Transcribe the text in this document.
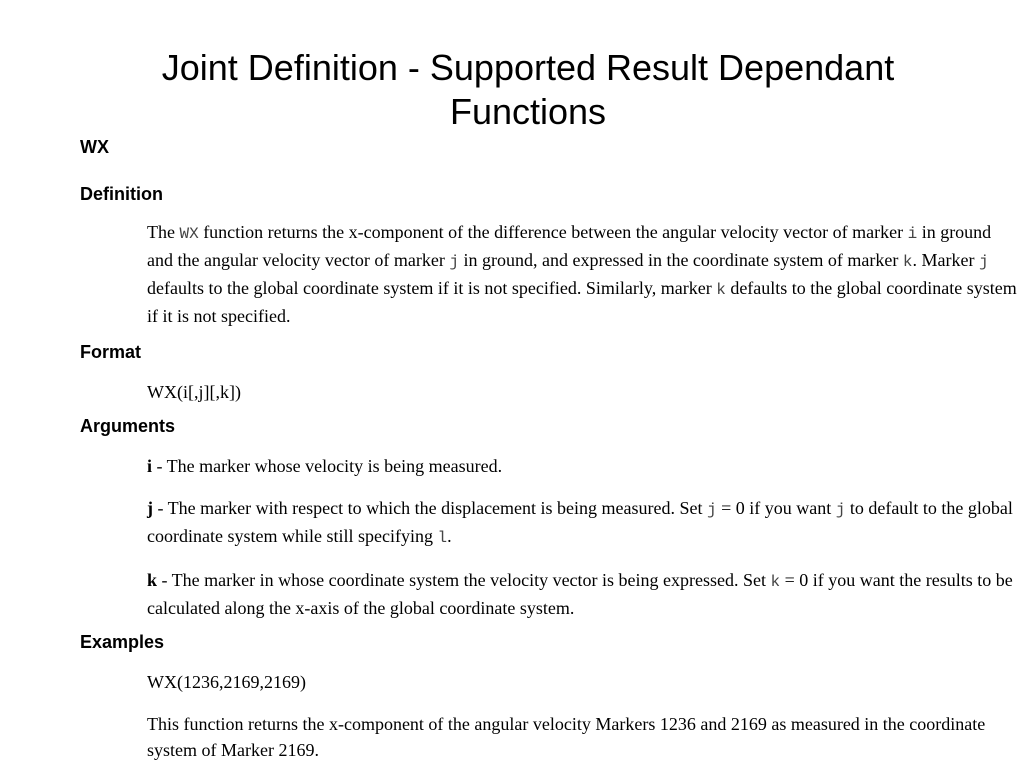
Joint Definition - Supported Result Dependant
Functions

WX

Definition

The WX function returns the x-component of the difference between the angular velocity vector of marker i in ground and the angular velocity vector of marker j in ground, and expressed in the coordinate system of marker k. Marker j defaults to the global coordinate system if it is not specified. Similarly, marker k defaults to the global coordinate system if it is not specified.

Format

WX(i[,j][,k])

Arguments

i - The marker whose velocity is being measured.

j - The marker with respect to which the displacement is being measured. Set j = 0 if you want j to default to the global coordinate system while still specifying l.

k - The marker in whose coordinate system the velocity vector is being expressed. Set k = 0 if you want the results to be calculated along the x-axis of the global coordinate system.

Examples

WX(1236,2169,2169)

This function returns the x-component of the angular velocity Markers 1236 and 2169 as measured in the coordinate system of Marker 2169.
